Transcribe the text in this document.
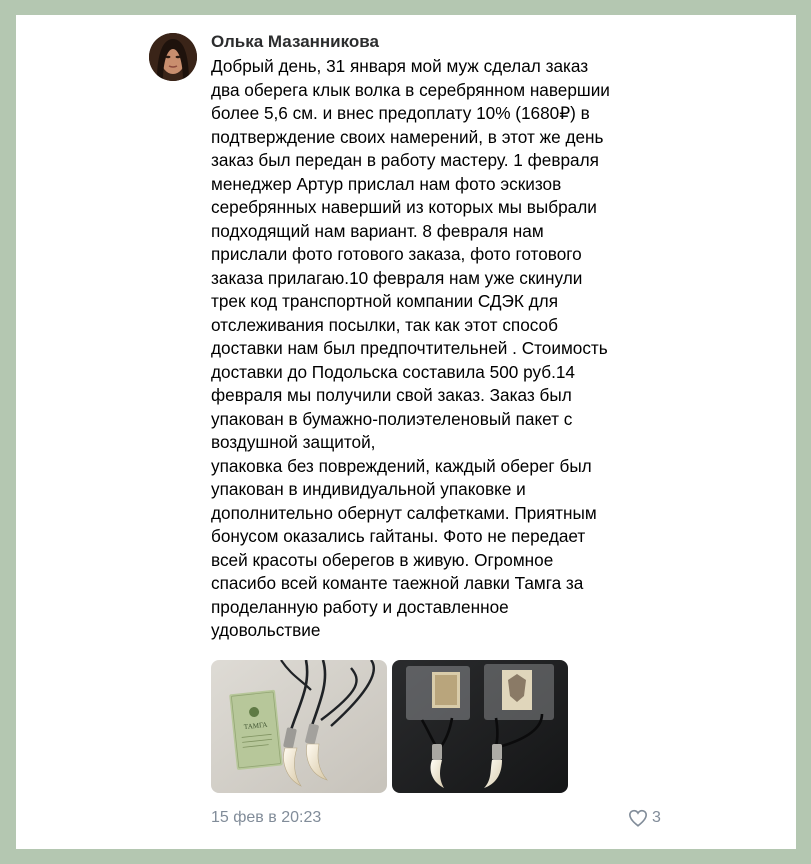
Олька Мазанникова
Добрый день, 31 января мой муж сделал заказ
два оберега клык волка в серебрянном навершии
более 5,6 см. и внес предоплату 10% (1680₽) в
подтверждение своих намерений, в этот же день
заказ был передан в работу мастеру. 1 февраля
менеджер Артур прислал нам фото эскизов
серебрянных наверший из которых мы выбрали
подходящий нам вариант. 8 февраля нам
прислали фото готового заказа, фото готового
заказа прилагаю.10 февраля нам уже скинули
трек код транспортной компании СДЭК для
отслеживания посылки, так как этот способ
доставки нам был предпочтительней . Стоимость
доставки до Подольска составила 500 руб.14
февраля мы получили свой заказ. Заказ был
упакован в бумажно-полиэтеленовый пакет с
воздушной защитой,
упаковка без повреждений, каждый оберег был
упакован в индивидуальной упаковке и
дополнительно обернут салфетками. Приятным
бонусом оказались гайтаны. Фото не передает
всей красоты оберегов в живую. Огромное
спасибо всей команте таежной лавки Тамга за
проделанную работу и доставленное
удовольствие
ТАМГА
15 фев в 20:23	3
